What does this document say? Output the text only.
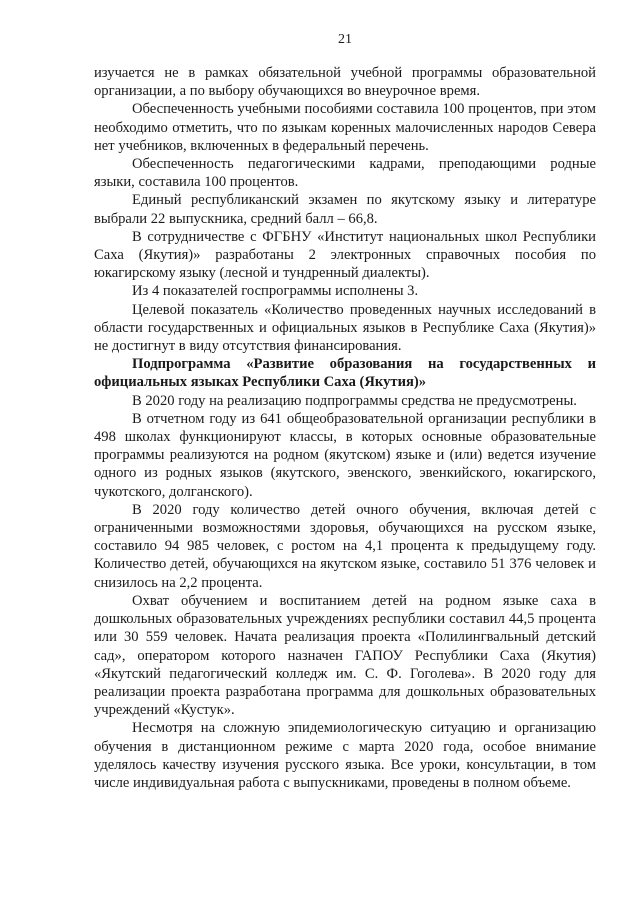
21

изучается не в рамках обязательной учебной программы образовательной организации, а по выбору обучающихся во внеурочное время.

Обеспеченность учебными пособиями составила 100 процентов, при этом необходимо отметить, что по языкам коренных малочисленных народов Севера нет учебников, включенных в федеральный перечень.

Обеспеченность педагогическими кадрами, преподающими родные языки, составила 100 процентов.

Единый республиканский экзамен по якутскому языку и литературе выбрали 22 выпускника, средний балл – 66,8.

В сотрудничестве с ФГБНУ «Институт национальных школ Республики Саха (Якутия)» разработаны 2 электронных справочных пособия по юкагирскому языку (лесной и тундренный диалекты).

Из 4 показателей госпрограммы исполнены 3.

Целевой показатель «Количество проведенных научных исследований в области государственных и официальных языков в Республике Саха (Якутия)» не достигнут в виду отсутствия финансирования.

Подпрограмма «Развитие образования на государственных и официальных языках Республики Саха (Якутия)»

В 2020 году на реализацию подпрограммы средства не предусмотрены.

В отчетном году из 641 общеобразовательной организации республики в 498 школах функционируют классы, в которых основные образовательные программы реализуются на родном (якутском) языке и (или) ведется изучение одного из родных языков (якутского, эвенского, эвенкийского, юкагирского, чукотского, долганского).

В 2020 году количество детей очного обучения, включая детей с ограниченными возможностями здоровья, обучающихся на русском языке, составило 94 985 человек, с ростом на 4,1 процента к предыдущему году. Количество детей, обучающихся на якутском языке, составило 51 376 человек и снизилось на 2,2 процента.

Охват обучением и воспитанием детей на родном языке саха в дошкольных образовательных учреждениях республики составил 44,5 процента или 30 559 человек. Начата реализация проекта «Полилингвальный детский сад», оператором которого назначен ГАПОУ Республики Саха (Якутия) «Якутский педагогический колледж им. С. Ф. Гоголева». В 2020 году для реализации проекта разработана программа для дошкольных образовательных учреждений «Кустук».

Несмотря на сложную эпидемиологическую ситуацию и организацию обучения в дистанционном режиме с марта 2020 года, особое внимание уделялось качеству изучения русского языка. Все уроки, консультации, в том числе индивидуальная работа с выпускниками, проведены в полном объеме.
